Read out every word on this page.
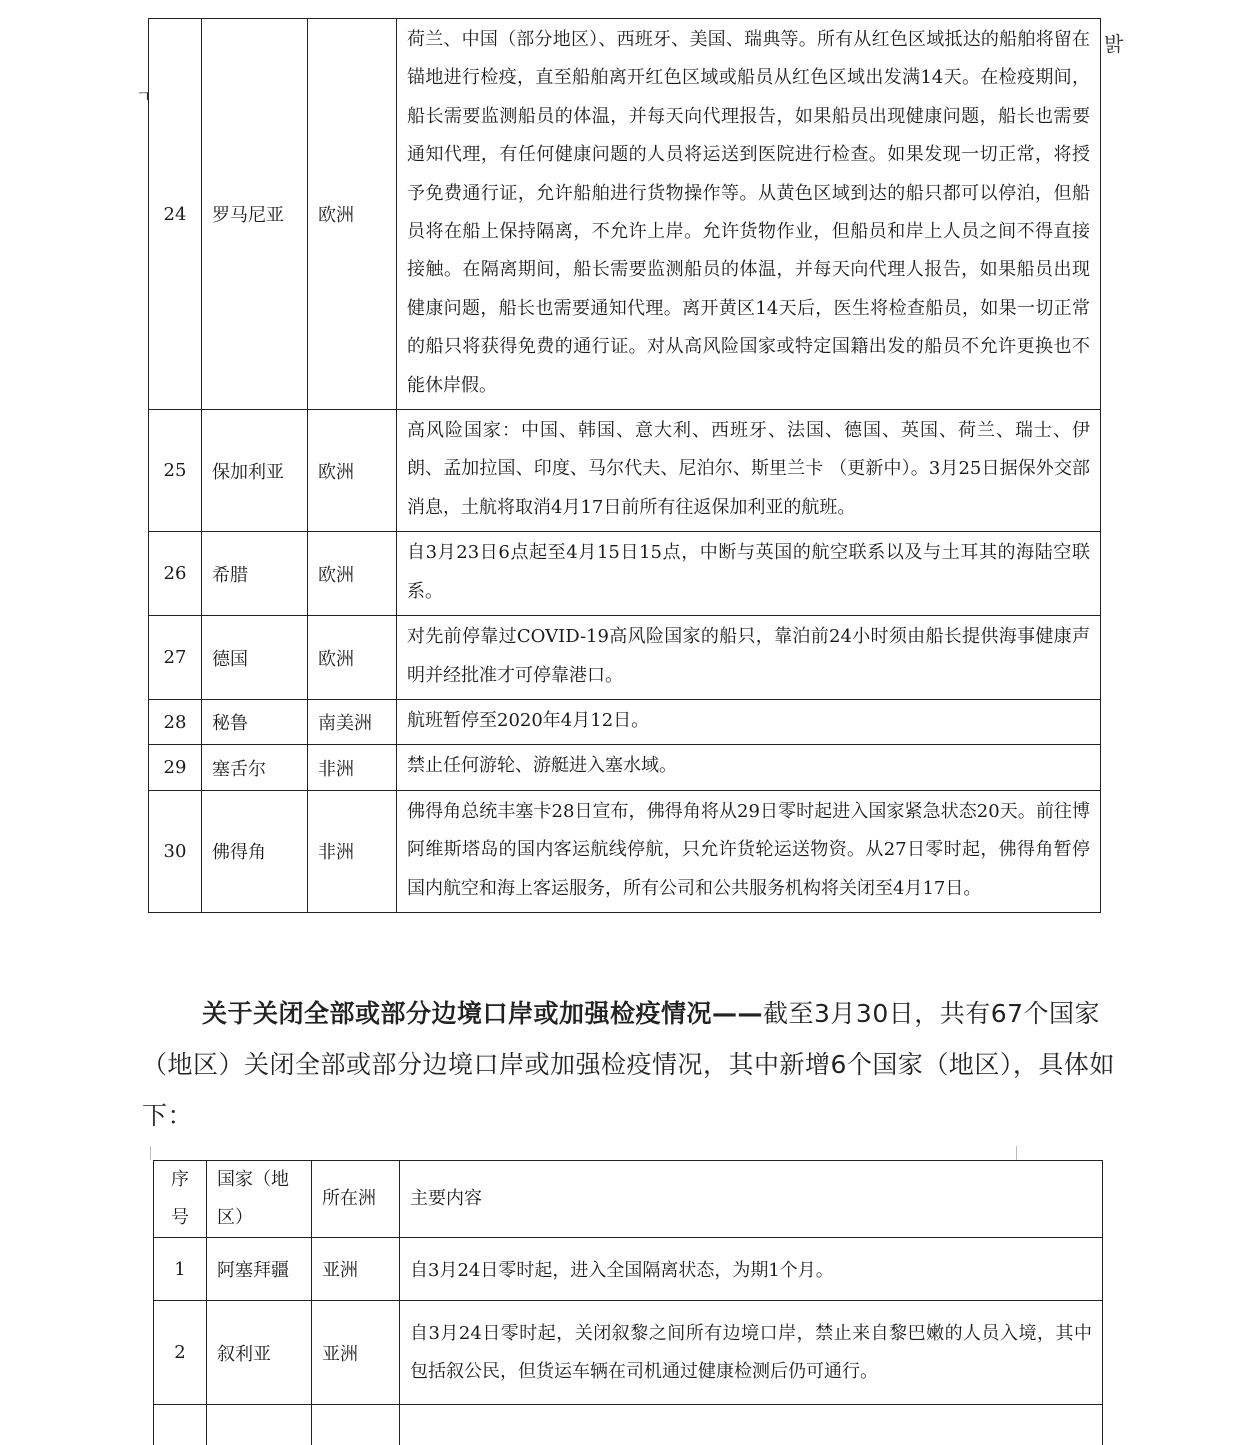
밝
ㄱ
24	罗马尼亚	欧洲	荷兰、中国（部分地区）、西班牙、美国、瑞典等。所有从红色区域抵达的船舶将留在锚地进行检疫，直至船舶离开红色区域或船员从红色区域出发满14天。在检疫期间，船长需要监测船员的体温，并每天向代理报告，如果船员出现健康问题，船长也需要通知代理，有任何健康问题的人员将运送到医院进行检查。如果发现一切正常，将授予免费通行证，允许船舶进行货物操作等。从黄色区域到达的船只都可以停泊，但船员将在船上保持隔离，不允许上岸。允许货物作业，但船员和岸上人员之间不得直接接触。在隔离期间，船长需要监测船员的体温，并每天向代理人报告，如果船员出现健康问题，船长也需要通知代理。离开黄区14天后，医生将检查船员，如果一切正常的船只将获得免费的通行证。对从高风险国家或特定国籍出发的船员不允许更换也不能休岸假。
25	保加利亚	欧洲	高风险国家：中国、韩国、意大利、西班牙、法国、德国、英国、荷兰、瑞士、伊朗、孟加拉国、印度、马尔代夫、尼泊尔、斯里兰卡 （更新中）。3月25日据保外交部消息，土航将取消4月17日前所有往返保加利亚的航班。
26	希腊	欧洲	自3月23日6点起至4月15日15点，中断与英国的航空联系以及与土耳其的海陆空联系。
27	德国	欧洲	对先前停靠过COVID-19高风险国家的船只，靠泊前24小时须由船长提供海事健康声明并经批准才可停靠港口。
28	秘鲁	南美洲	航班暂停至2020年4月12日。
29	塞舌尔	非洲	禁止任何游轮、游艇进入塞水域。
30	佛得角	非洲	佛得角总统丰塞卡28日宣布，佛得角将从29日零时起进入国家紧急状态20天。前往博阿维斯塔岛的国内客运航线停航，只允许货轮运送物资。从27日零时起，佛得角暂停国内航空和海上客运服务，所有公司和公共服务机构将关闭至4月17日。
关于关闭全部或部分边境口岸或加强检疫情况——截至3月30日，共有67个国家（地区）关闭全部或部分边境口岸或加强检疫情况，其中新增6个国家（地区），具体如下：
序号	国家（地区）	所在洲	主要内容
1	阿塞拜疆	亚洲	自3月24日零时起，进入全国隔离状态，为期1个月。
2	叙利亚	亚洲	自3月24日零时起，关闭叙黎之间所有边境口岸，禁止来自黎巴嫩的人员入境，其中包括叙公民，但货运车辆在司机通过健康检测后仍可通行。
